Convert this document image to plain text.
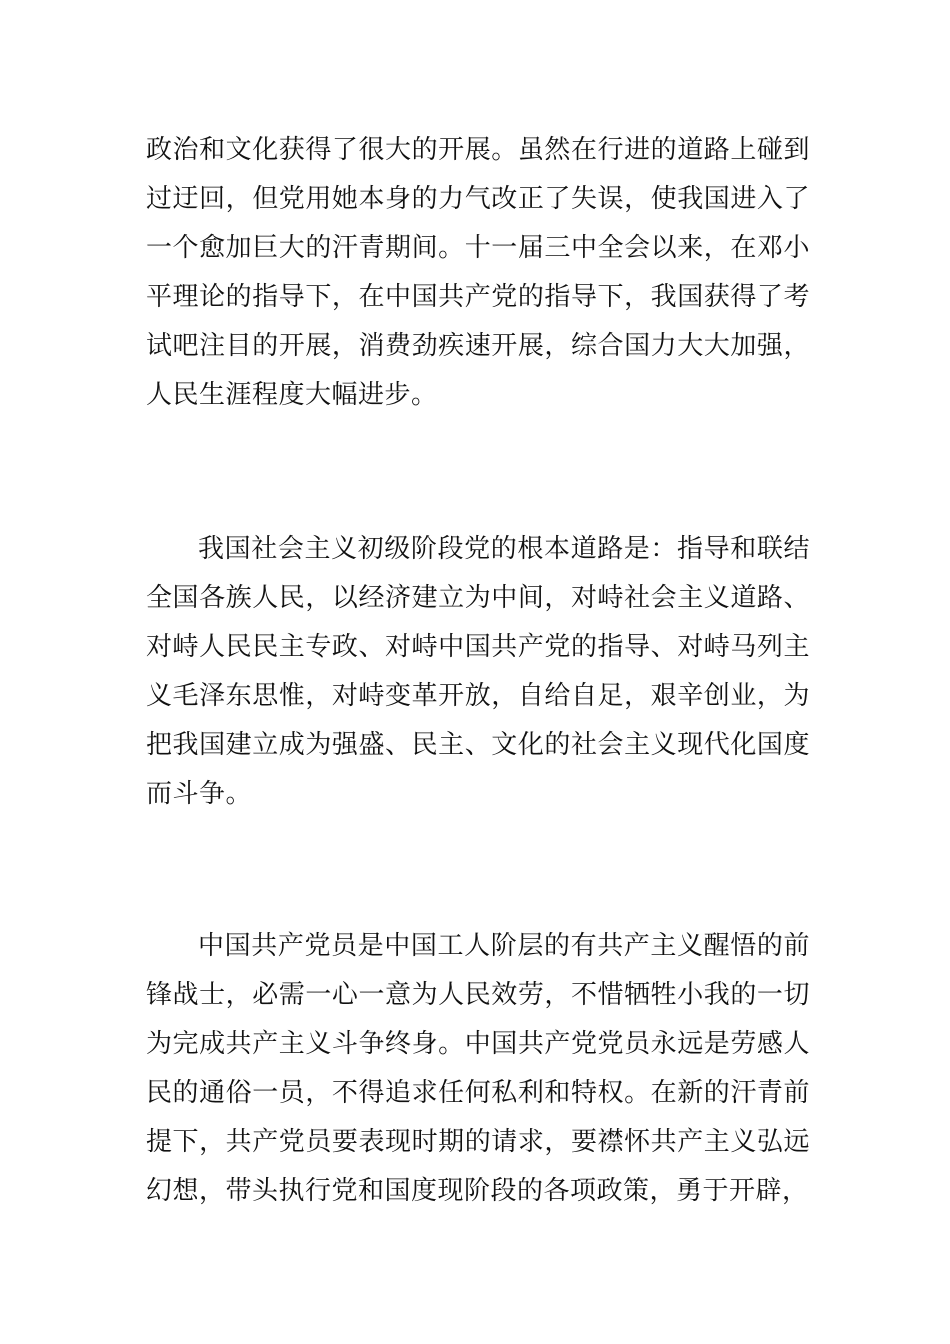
政治和文化获得了很大的开展。虽然在行进的道路上碰到过迂回，但党用她本身的力气改正了失误，使我国进入了一个愈加巨大的汗青期间。十一届三中全会以来，在邓小平理论的指导下，在中国共产党的指导下，我国获得了考试吧注目的开展，消费劲疾速开展，综合国力大大加强，人民生涯程度大幅进步。

我国社会主义初级阶段党的根本道路是：指导和联结全国各族人民，以经济建立为中间，对峙社会主义道路、对峙人民民主专政、对峙中国共产党的指导、对峙马列主义毛泽东思惟，对峙变革开放，自给自足，艰辛创业，为把我国建立成为强盛、民主、文化的社会主义现代化国度而斗争。

中国共产党员是中国工人阶层的有共产主义醒悟的前锋战士，必需一心一意为人民效劳，不惜牺牲小我的一切为完成共产主义斗争终身。中国共产党党员永远是劳感人民的通俗一员，不得追求任何私利和特权。在新的汗青前提下，共产党员要表现时期的请求，要襟怀共产主义弘远幻想，带头执行党和国度现阶段的各项政策，勇于开辟，
